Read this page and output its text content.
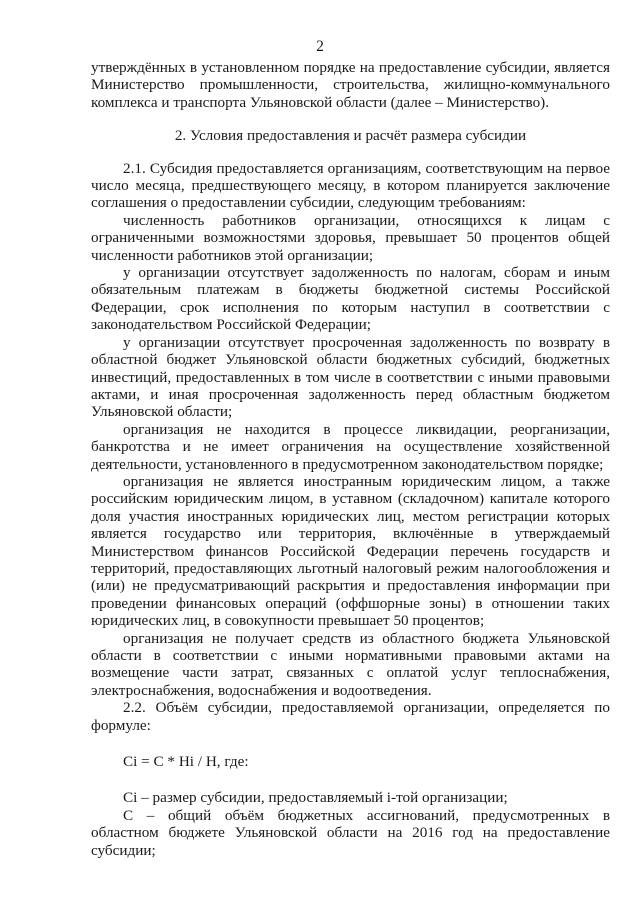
2

утверждённых в установленном порядке на предоставление субсидии, является Министерство промышленности, строительства, жилищно-коммунального комплекса и транспорта Ульяновской области (далее – Министерство).

2. Условия предоставления и расчёт размера субсидии

2.1. Субсидия предоставляется организациям, соответствующим на первое число месяца, предшествующего месяцу, в котором планируется заключение соглашения о предоставлении субсидии, следующим требованиям:

численность работников организации, относящихся к лицам с ограниченными возможностями здоровья, превышает 50 процентов общей численности работников этой организации;

у организации отсутствует задолженность по налогам, сборам и иным обязательным платежам в бюджеты бюджетной системы Российской Федерации, срок исполнения по которым наступил в соответствии с законодательством Российской Федерации;

у организации отсутствует просроченная задолженность по возврату в областной бюджет Ульяновской области бюджетных субсидий, бюджетных инвестиций, предоставленных в том числе в соответствии с иными правовыми актами, и иная просроченная задолженность перед областным бюджетом Ульяновской области;

организация не находится в процессе ликвидации, реорганизации, банкротства и не имеет ограничения на осуществление хозяйственной деятельности, установленного в предусмотренном законодательством порядке;

организация не является иностранным юридическим лицом, а также российским юридическим лицом, в уставном (складочном) капитале которого доля участия иностранных юридических лиц, местом регистрации которых является государство или территория, включённые в утверждаемый Министерством финансов Российской Федерации перечень государств и территорий, предоставляющих льготный налоговый режим налогообложения и (или) не предусматривающий раскрытия и предоставления информации при проведении финансовых операций (оффшорные зоны) в отношении таких юридических лиц, в совокупности превышает 50 процентов;

организация не получает средств из областного бюджета Ульяновской области в соответствии с иными нормативными правовыми актами на возмещение части затрат, связанных с оплатой услуг теплоснабжения, электроснабжения, водоснабжения и водоотведения.

2.2. Объём субсидии, предоставляемой организации, определяется по формуле:

Ci = C * Hi / H, где:

Ci – размер субсидии, предоставляемый i-той организации;

C – общий объём бюджетных ассигнований, предусмотренных в областном бюджете Ульяновской области на 2016 год на предоставление субсидии;
